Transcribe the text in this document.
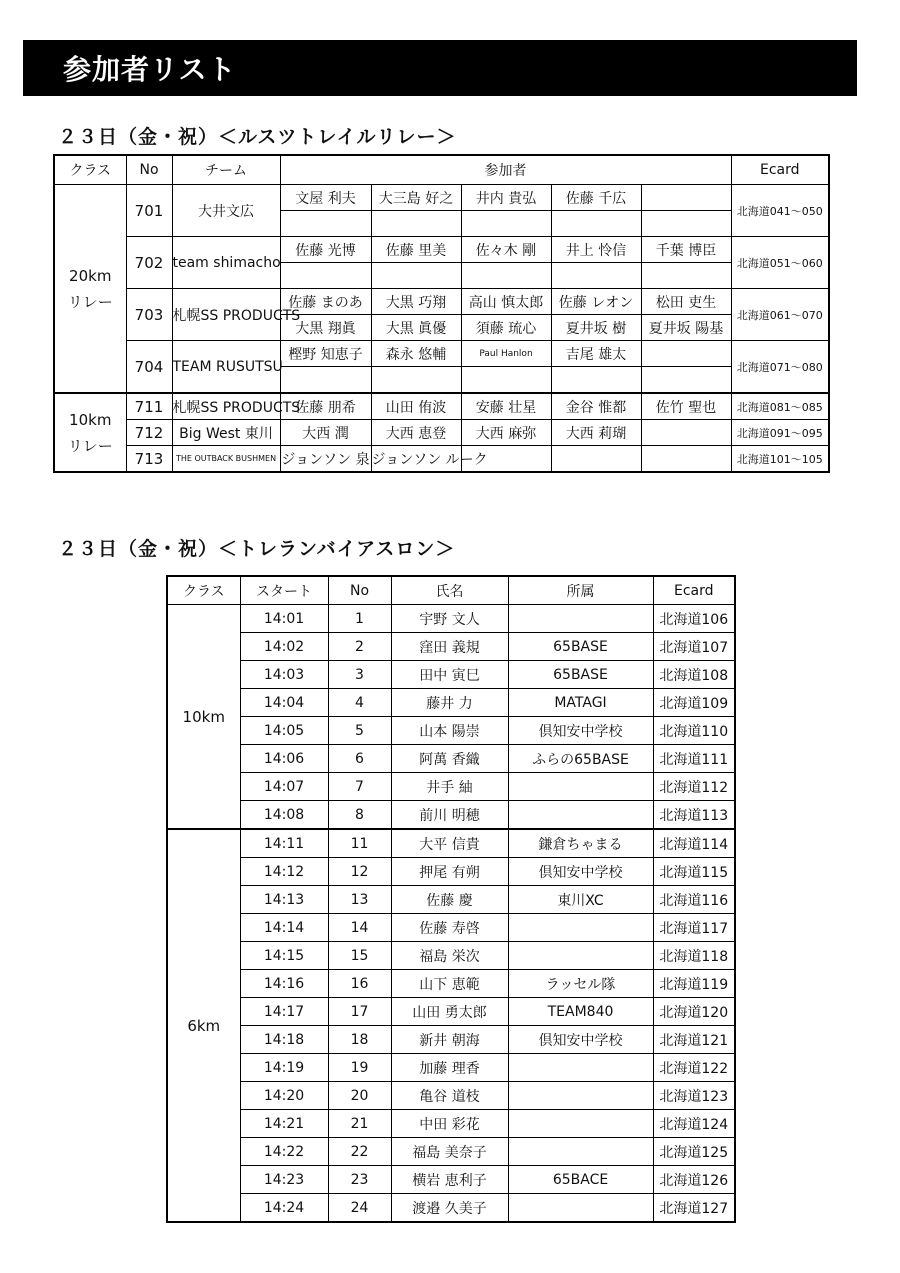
参加者リスト
２３日（金・祝）＜ルスツトレイルリレー＞
クラス	No	チーム	参加者					Ecard

20km
リレー	701	大井文広	文屋 利夫	大三島 好之	井内 貴弘	佐藤 千広		北海道041～050

	702	team shimacho	佐藤 光博	佐藤 里美	佐々木 剛	井上 怜信	千葉 博臣	北海道051～060

	703	札幌SS PRODUCTS	佐藤 まのあ	大黒 巧翔	高山 慎太郎	佐藤 レオン	松田 吏生	北海道061～070
			大黒 翔眞	大黒 眞優	須藤 琉心	夏井坂 樹	夏井坂 陽基	
	704	TEAM RUSUTSU	樫野 知恵子	森永 悠輔	Paul Hanlon	吉尾 雄太		北海道071～080

10km
リレー	711	札幌SS PRODUCTS	佐藤 朋希	山田 侑波	安藤 壮星	金谷 惟都	佐竹 聖也	北海道081～085
	712	Big West 東川	大西 潤	大西 恵登	大西 麻弥	大西 莉瑚		北海道091～095
	713	THE OUTBACK BUSHMEN	ジョンソン 泉	ジョンソン ルーク				北海道101～105
２３日（金・祝）＜トレランバイアスロン＞
クラス	スタート	No	氏名	所属	Ecard
10km	14:01	1	宇野 文人		北海道106
	14:02	2	窪田 義規	65BASE	北海道107
	14:03	3	田中 寅巳	65BASE	北海道108
	14:04	4	藤井 力	MATAGI	北海道109
	14:05	5	山本 陽崇	倶知安中学校	北海道110
	14:06	6	阿萬 香織	ふらの65BASE	北海道111
	14:07	7	井手 紬		北海道112
	14:08	8	前川 明穂		北海道113
6km	14:11	11	大平 信貴	鎌倉ちゃまる	北海道114
	14:12	12	押尾 有朔	倶知安中学校	北海道115
	14:13	13	佐藤 慶	東川XC	北海道116
	14:14	14	佐藤 寿啓		北海道117
	14:15	15	福島 栄次		北海道118
	14:16	16	山下 恵範	ラッセル隊	北海道119
	14:17	17	山田 勇太郎	TEAM840	北海道120
	14:18	18	新井 朝海	倶知安中学校	北海道121
	14:19	19	加藤 理香		北海道122
	14:20	20	亀谷 道枝		北海道123
	14:21	21	中田 彩花		北海道124
	14:22	22	福島 美奈子		北海道125
	14:23	23	横岩 恵利子	65BACE	北海道126
	14:24	24	渡邉 久美子		北海道127
